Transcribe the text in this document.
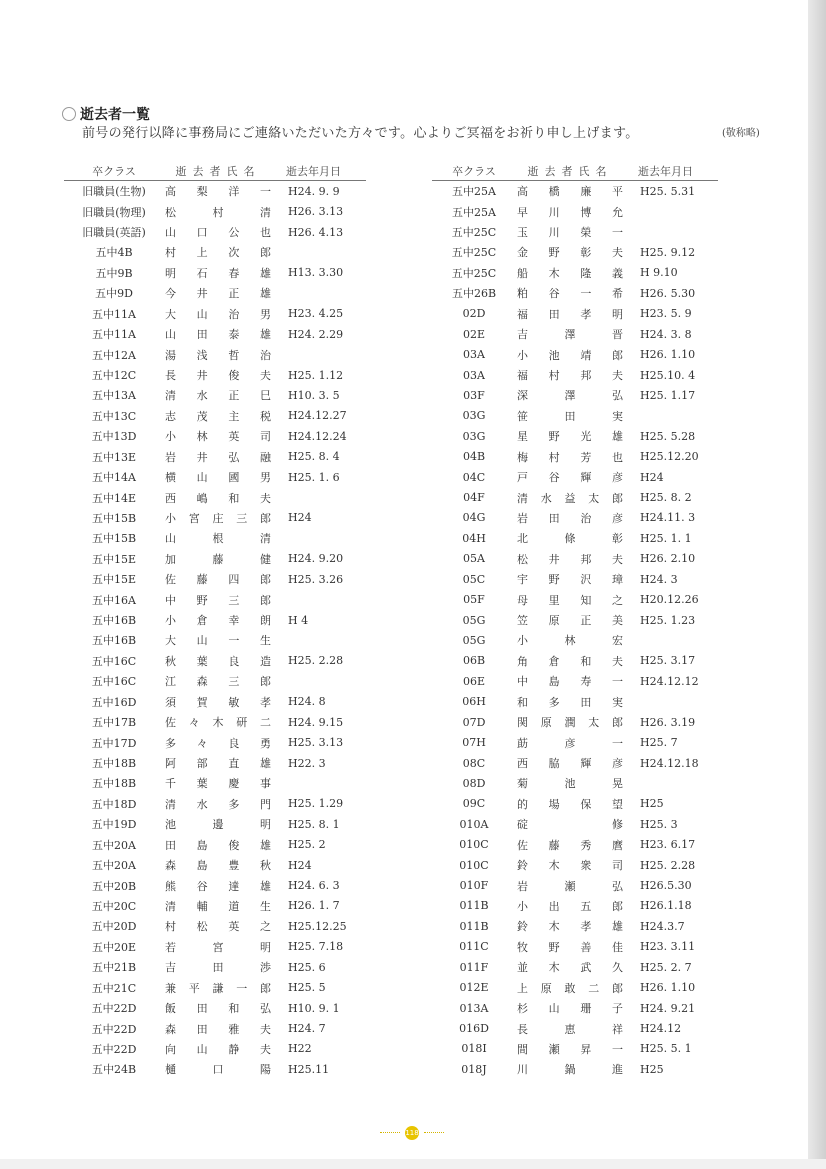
逝去者一覧
前号の発行以降に事務局にご連絡いただいた方々です。心よりご冥福をお祈り申し上げます。	(敬称略)
卒クラス	逝去者氏名	逝去年月日
旧職員(生物)	高梨洋一	H24. 9. 9
旧職員(物理)	松村清	H26. 3.13
旧職員(英語)	山口公也	H26. 4.13
五中4B	村上次郎
五中9B	明石春雄	H13. 3.30
五中9D	今井正雄
五中11A	大山治男	H23. 4.25
五中11A	山田泰雄	H24. 2.29
五中12A	湯浅哲治
五中12C	長井俊夫	H25. 1.12
五中13A	清水正巳	H10. 3. 5
五中13C	志茂主税	H24.12.27
五中13D	小林英司	H24.12.24
五中13E	岩井弘融	H25. 8. 4
五中14A	横山國男	H25. 1. 6
五中14E	西嶋和夫
五中15B	小宮庄三郎	H24
五中15B	山根清
五中15E	加藤健	H24. 9.20
五中15E	佐藤四郎	H25. 3.26
五中16A	中野三郎
五中16B	小倉幸朗	H 4
五中16B	大山一生
五中16C	秋葉良造	H25. 2.28
五中16C	江森三郎
五中16D	須賀敏孝	H24. 8
五中17B	佐々木研二	H24. 9.15
五中17D	多々良勇	H25. 3.13
五中18B	阿部直雄	H22. 3
五中18B	千葉慶事
五中18D	清水多門	H25. 1.29
五中19D	池邊明	H25. 8. 1
五中20A	田島俊雄	H25. 2
五中20A	森島豊秋	H24
五中20B	熊谷達雄	H24. 6. 3
五中20C	清輔道生	H26. 1. 7
五中20D	村松英之	H25.12.25
五中20E	若宮明	H25. 7.18
五中21B	吉田渉	H25. 6
五中21C	兼平謙一郎	H25. 5
五中22D	飯田和弘	H10. 9. 1
五中22D	森田雅夫	H24. 7
五中22D	向山静夫	H22
五中24B	樋口陽	H25.11
卒クラス	逝去者氏名	逝去年月日
五中25A	高橋廉平	H25. 5.31
五中25A	早川博允
五中25C	玉川榮一
五中25C	金野彰夫	H25. 9.12
五中25C	船木隆義	H 9.10
五中26B	粕谷一希	H26. 5.30
02D	福田孝明	H23. 5. 9
02E	吉澤晋	H24. 3. 8
03A	小池靖郎	H26. 1.10
03A	福村邦夫	H25.10. 4
03F	深澤弘	H25. 1.17
03G	笹田実
03G	星野光雄	H25. 5.28
04B	梅村芳也	H25.12.20
04C	戸谷輝彦	H24
04F	清水益太郎	H25. 8. 2
04G	岩田治彦	H24.11. 3
04H	北條彰	H25. 1. 1
05A	松井邦夫	H26. 2.10
05C	宇野沢璋	H24. 3
05F	母里知之	H20.12.26
05G	笠原正美	H25. 1.23
05G	小林宏
06B	角倉和夫	H25. 3.17
06E	中島寿一	H24.12.12
06H	和多田実
07D	関原潤太郎	H26. 3.19
07H	莇彦一	H25. 7
08C	西脇輝彦	H24.12.18
08D	菊池晃
09C	的場保望	H25
010A	碇修	H25. 3
010C	佐藤秀麿	H23. 6.17
010C	鈴木衆司	H25. 2.28
010F	岩瀬弘	H26.5.30
011B	小出五郎	H26.1.18
011B	鈴木孝雄	H24.3.7
011C	牧野善佳	H23. 3.11
011F	並木武久	H25. 2. 7
012E	上原敢二郎	H26. 1.10
013A	杉山珊子	H24. 9.21
016D	長恵祥	H24.12
018I	間瀬昇一	H25. 5. 1
018J	川鍋進	H25
118
